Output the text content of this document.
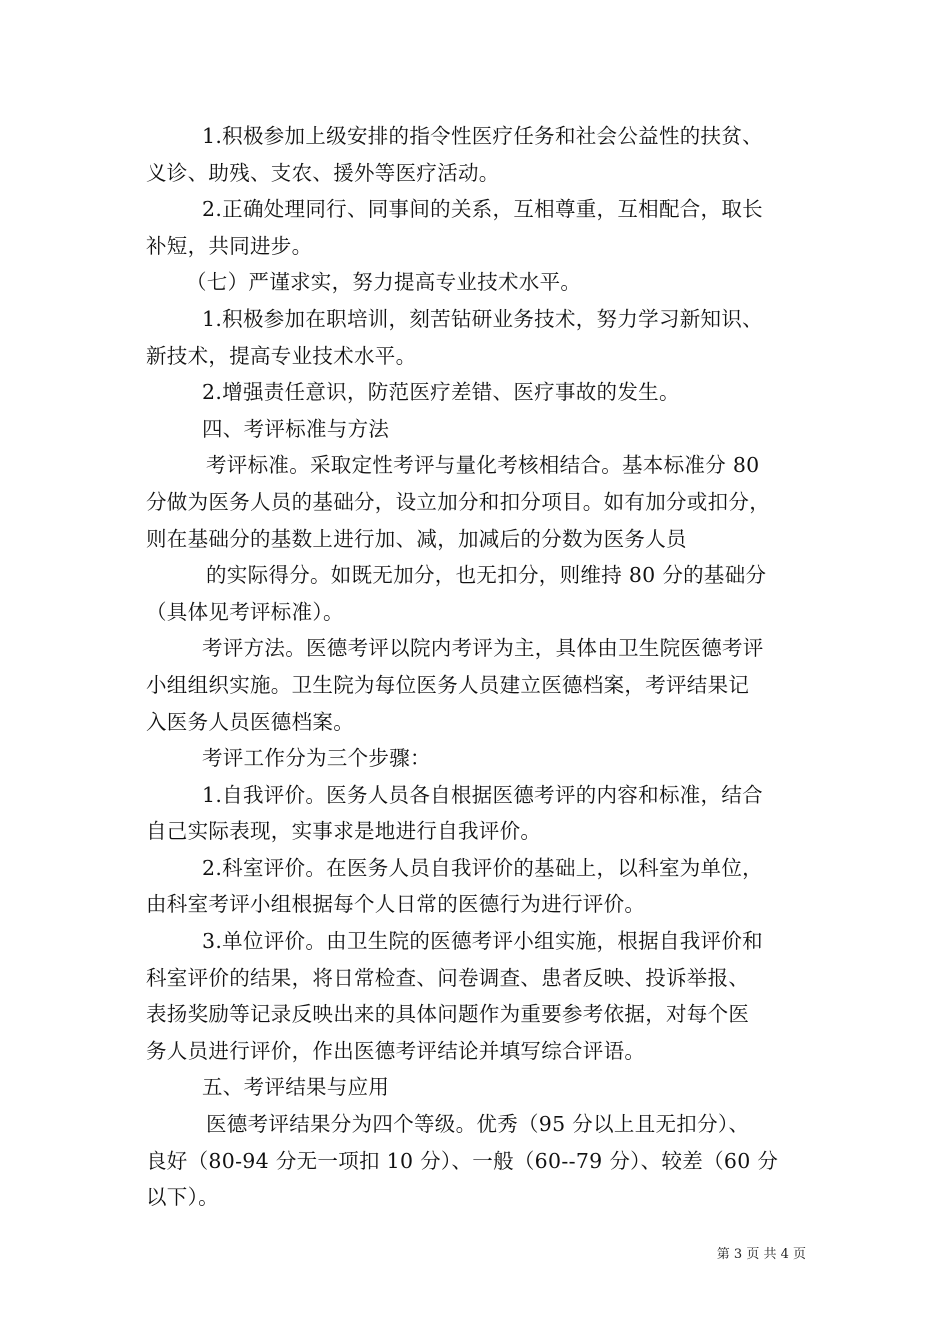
1.积极参加上级安排的指令性医疗任务和社会公益性的扶贫、

义诊、助残、支农、援外等医疗活动。

2.正确处理同行、同事间的关系，互相尊重，互相配合，取长

补短，共同进步。

（七）严谨求实，努力提高专业技术水平。

1.积极参加在职培训，刻苦钻研业务技术，努力学习新知识、

新技术，提高专业技术水平。

2.增强责任意识，防范医疗差错、医疗事故的发生。

四、考评标准与方法

考评标准。采取定性考评与量化考核相结合。基本标准分 80

分做为医务人员的基础分，设立加分和扣分项目。如有加分或扣分，

则在基础分的基数上进行加、减，加减后的分数为医务人员

的实际得分。如既无加分，也无扣分，则维持 80 分的基础分

（具体见考评标准）。

考评方法。医德考评以院内考评为主，具体由卫生院医德考评

小组组织实施。卫生院为每位医务人员建立医德档案，考评结果记

入医务人员医德档案。

考评工作分为三个步骤：

1.自我评价。医务人员各自根据医德考评的内容和标准，结合

自己实际表现，实事求是地进行自我评价。

2.科室评价。在医务人员自我评价的基础上，以科室为单位，

由科室考评小组根据每个人日常的医德行为进行评价。

3.单位评价。由卫生院的医德考评小组实施，根据自我评价和

科室评价的结果，将日常检查、问卷调查、患者反映、投诉举报、

表扬奖励等记录反映出来的具体问题作为重要参考依据，对每个医

务人员进行评价，作出医德考评结论并填写综合评语。

五、考评结果与应用

医德考评结果分为四个等级。优秀（95 分以上且无扣分）、

良好（80-94 分无一项扣 10 分）、一般（60--79 分）、较差（60 分

以下）。

第 3 页 共 4 页
